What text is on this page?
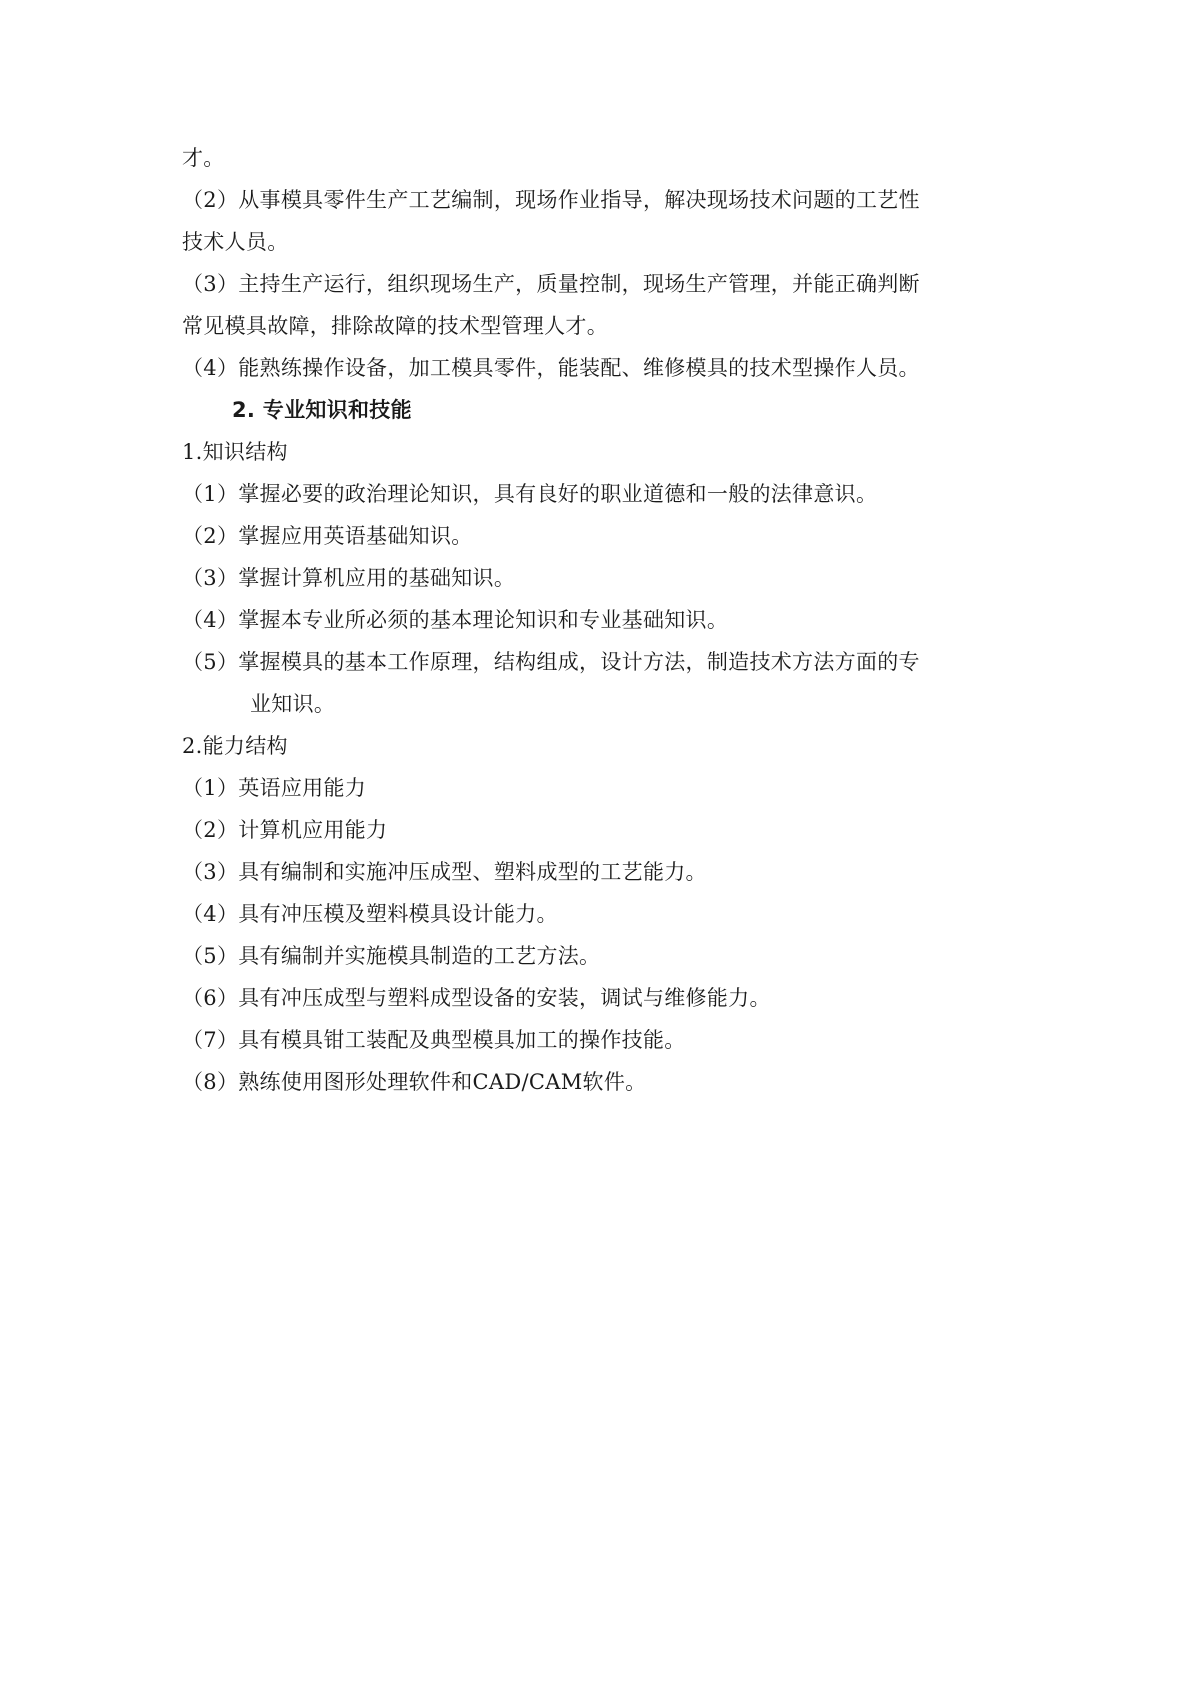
才。
（2）从事模具零件生产工艺编制，现场作业指导，解决现场技术问题的工艺性
技术人员。
（3）主持生产运行，组织现场生产，质量控制，现场生产管理，并能正确判断
常见模具故障，排除故障的技术型管理人才。
（4）能熟练操作设备，加工模具零件，能装配、维修模具的技术型操作人员。
2. 专业知识和技能
1.知识结构
（1）掌握必要的政治理论知识，具有良好的职业道德和一般的法律意识。
（2）掌握应用英语基础知识。
（3）掌握计算机应用的基础知识。
（4）掌握本专业所必须的基本理论知识和专业基础知识。
（5）掌握模具的基本工作原理，结构组成，设计方法，制造技术方法方面的专
业知识。
2.能力结构
（1）英语应用能力
（2）计算机应用能力
（3）具有编制和实施冲压成型、塑料成型的工艺能力。
（4）具有冲压模及塑料模具设计能力。
（5）具有编制并实施模具制造的工艺方法。
（6）具有冲压成型与塑料成型设备的安装，调试与维修能力。
（7）具有模具钳工装配及典型模具加工的操作技能。
（8）熟练使用图形处理软件和CAD/CAM软件。
